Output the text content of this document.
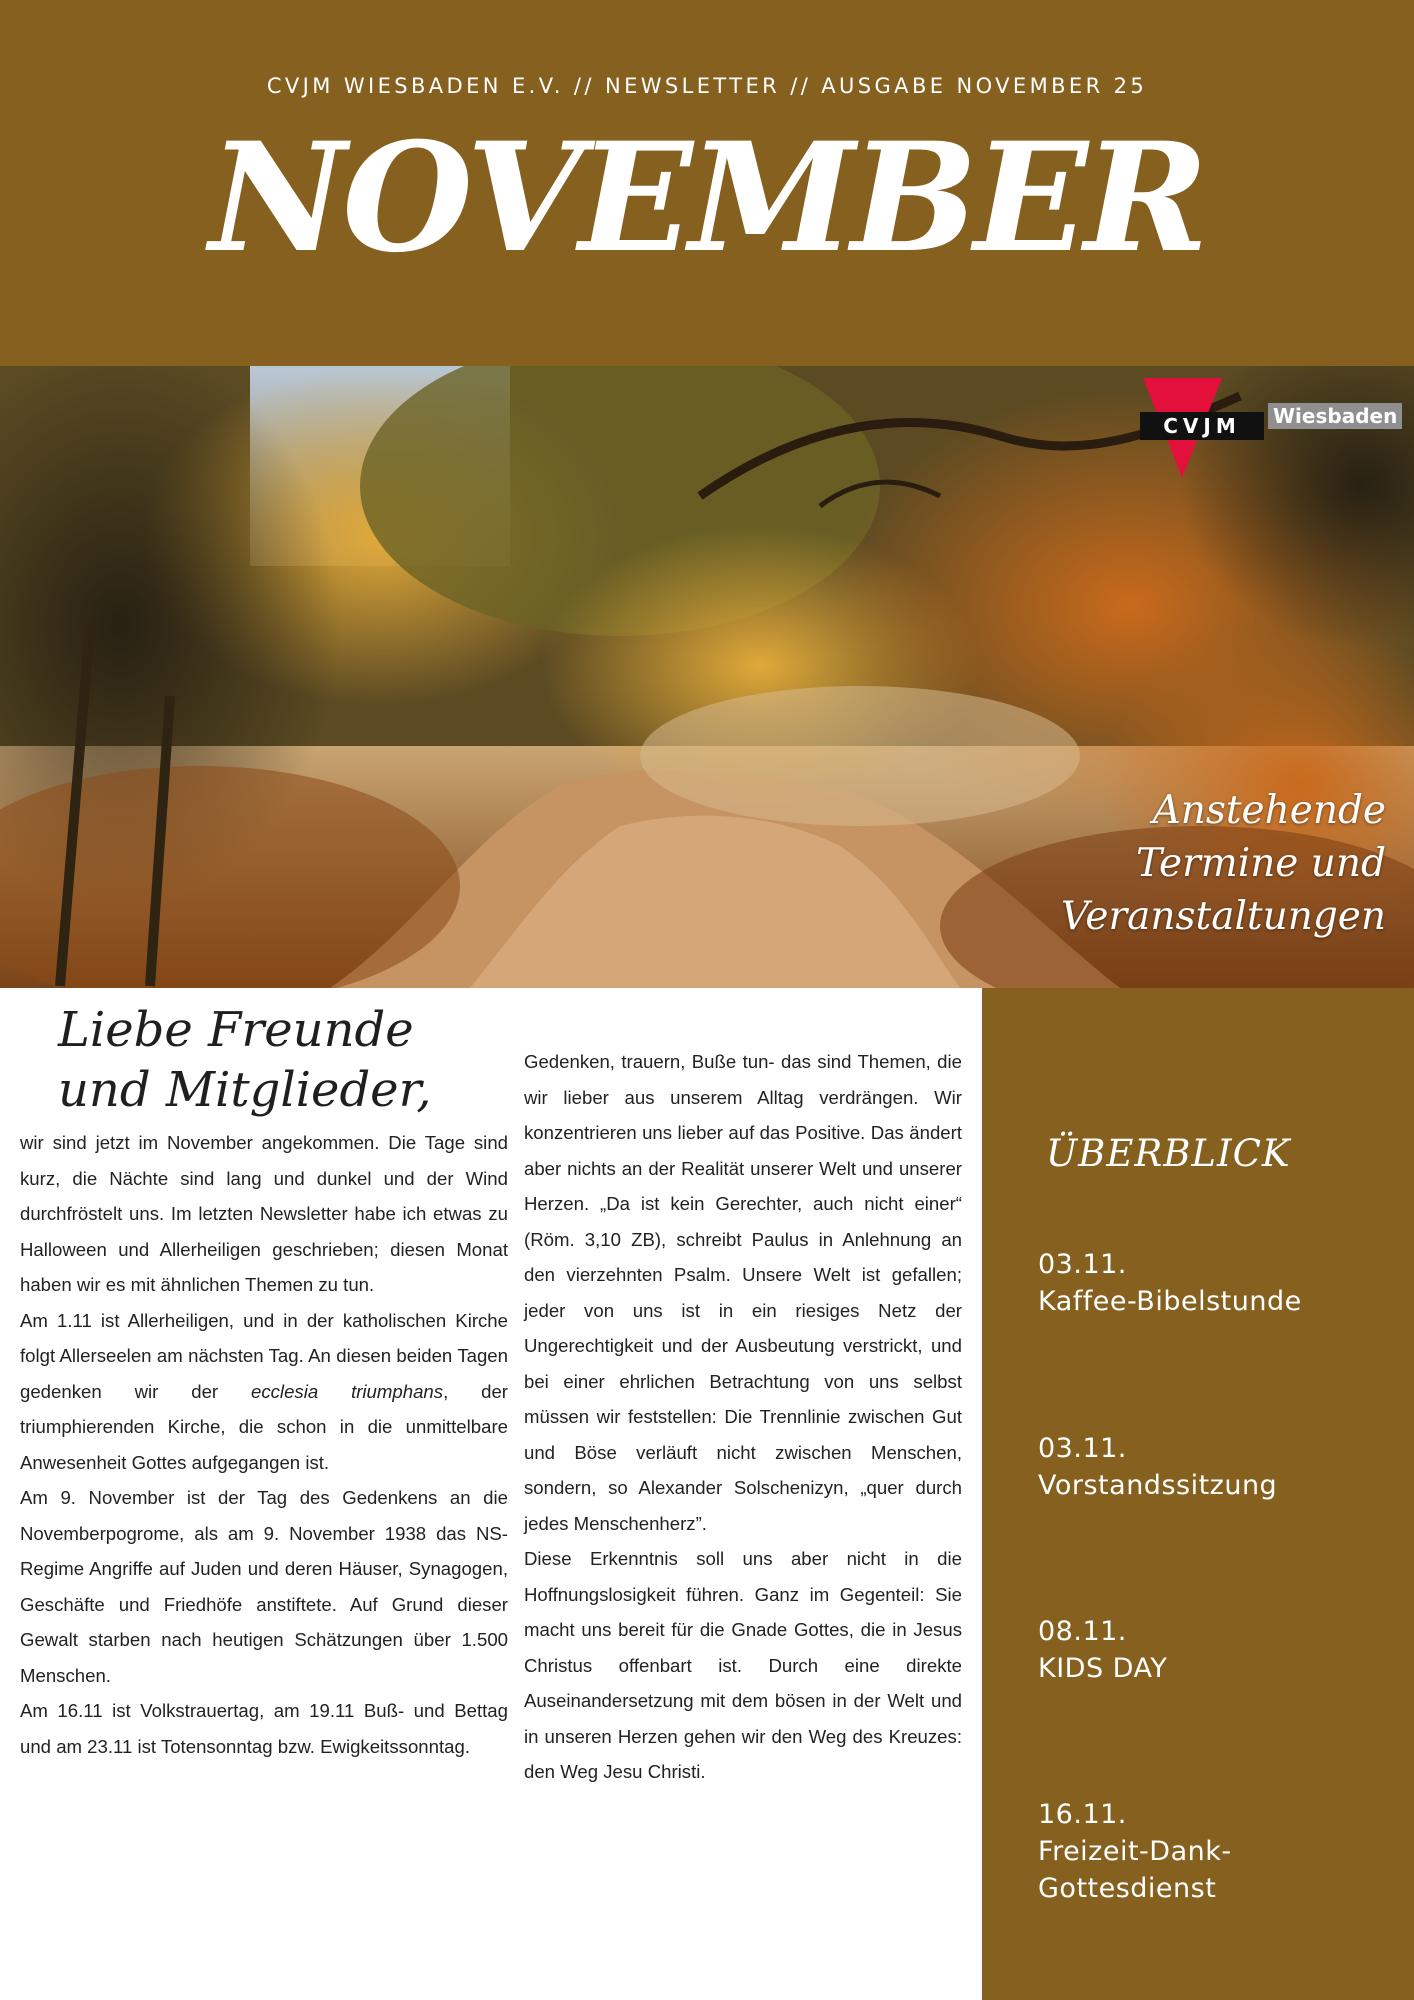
CVJM WIESBADEN E.V. // NEWSLETTER // AUSGABE NOVEMBER 25
NOVEMBER
CVJM Wiesbaden
Anstehende
Termine und
Veranstaltungen
Liebe Freunde
und Mitglieder,

wir sind jetzt im November angekommen. Die Tage sind kurz, die Nächte sind lang und dunkel und der Wind durchfröstelt uns. Im letzten Newsletter habe ich etwas zu Halloween und Allerheiligen geschrieben; diesen Monat haben wir es mit ähnlichen Themen zu tun.

Am 1.11 ist Allerheiligen, und in der katholischen Kirche folgt Allerseelen am nächsten Tag. An diesen beiden Tagen gedenken wir der ecclesia triumphans, der triumphierenden Kirche, die schon in die unmittelbare Anwesenheit Gottes aufgegangen ist.

Am 9. November ist der Tag des Gedenkens an die Novemberpogrome, als am 9. November 1938 das NS-Regime Angriffe auf Juden und deren Häuser, Synagogen, Geschäfte und Friedhöfe anstiftete. Auf Grund dieser Gewalt starben nach heutigen Schätzungen über 1.500 Menschen.

Am 16.11 ist Volkstrauertag, am 19.11 Buß- und Bettag und am 23.11 ist Totensonntag bzw. Ewigkeitssonntag.

Gedenken, trauern, Buße tun- das sind Themen, die wir lieber aus unserem Alltag verdrängen. Wir konzentrieren uns lieber auf das Positive. Das ändert aber nichts an der Realität unserer Welt und unserer Herzen. „Da ist kein Gerechter, auch nicht einer“ (Röm. 3,10 ZB), schreibt Paulus in Anlehnung an den vierzehnten Psalm. Unsere Welt ist gefallen; jeder von uns ist in ein riesiges Netz der Ungerechtigkeit und der Ausbeutung verstrickt, und bei einer ehrlichen Betrachtung von uns selbst müssen wir feststellen: Die Trennlinie zwischen Gut und Böse verläuft nicht zwischen Menschen, sondern, so Alexander Solschenizyn, „quer durch jedes Menschenherz”.

Diese Erkenntnis soll uns aber nicht in die Hoffnungslosigkeit führen. Ganz im Gegenteil: Sie macht uns bereit für die Gnade Gottes, die in Jesus Christus offenbart ist. Durch eine direkte Auseinandersetzung mit dem bösen in der Welt und in unseren Herzen gehen wir den Weg des Kreuzes: den Weg Jesu Christi.

ÜBERBLICK
03.11.
Kaffee-Bibelstunde
03.11.
Vorstandssitzung
08.11.
KIDS DAY
16.11.
Freizeit-Dank-
Gottesdienst
